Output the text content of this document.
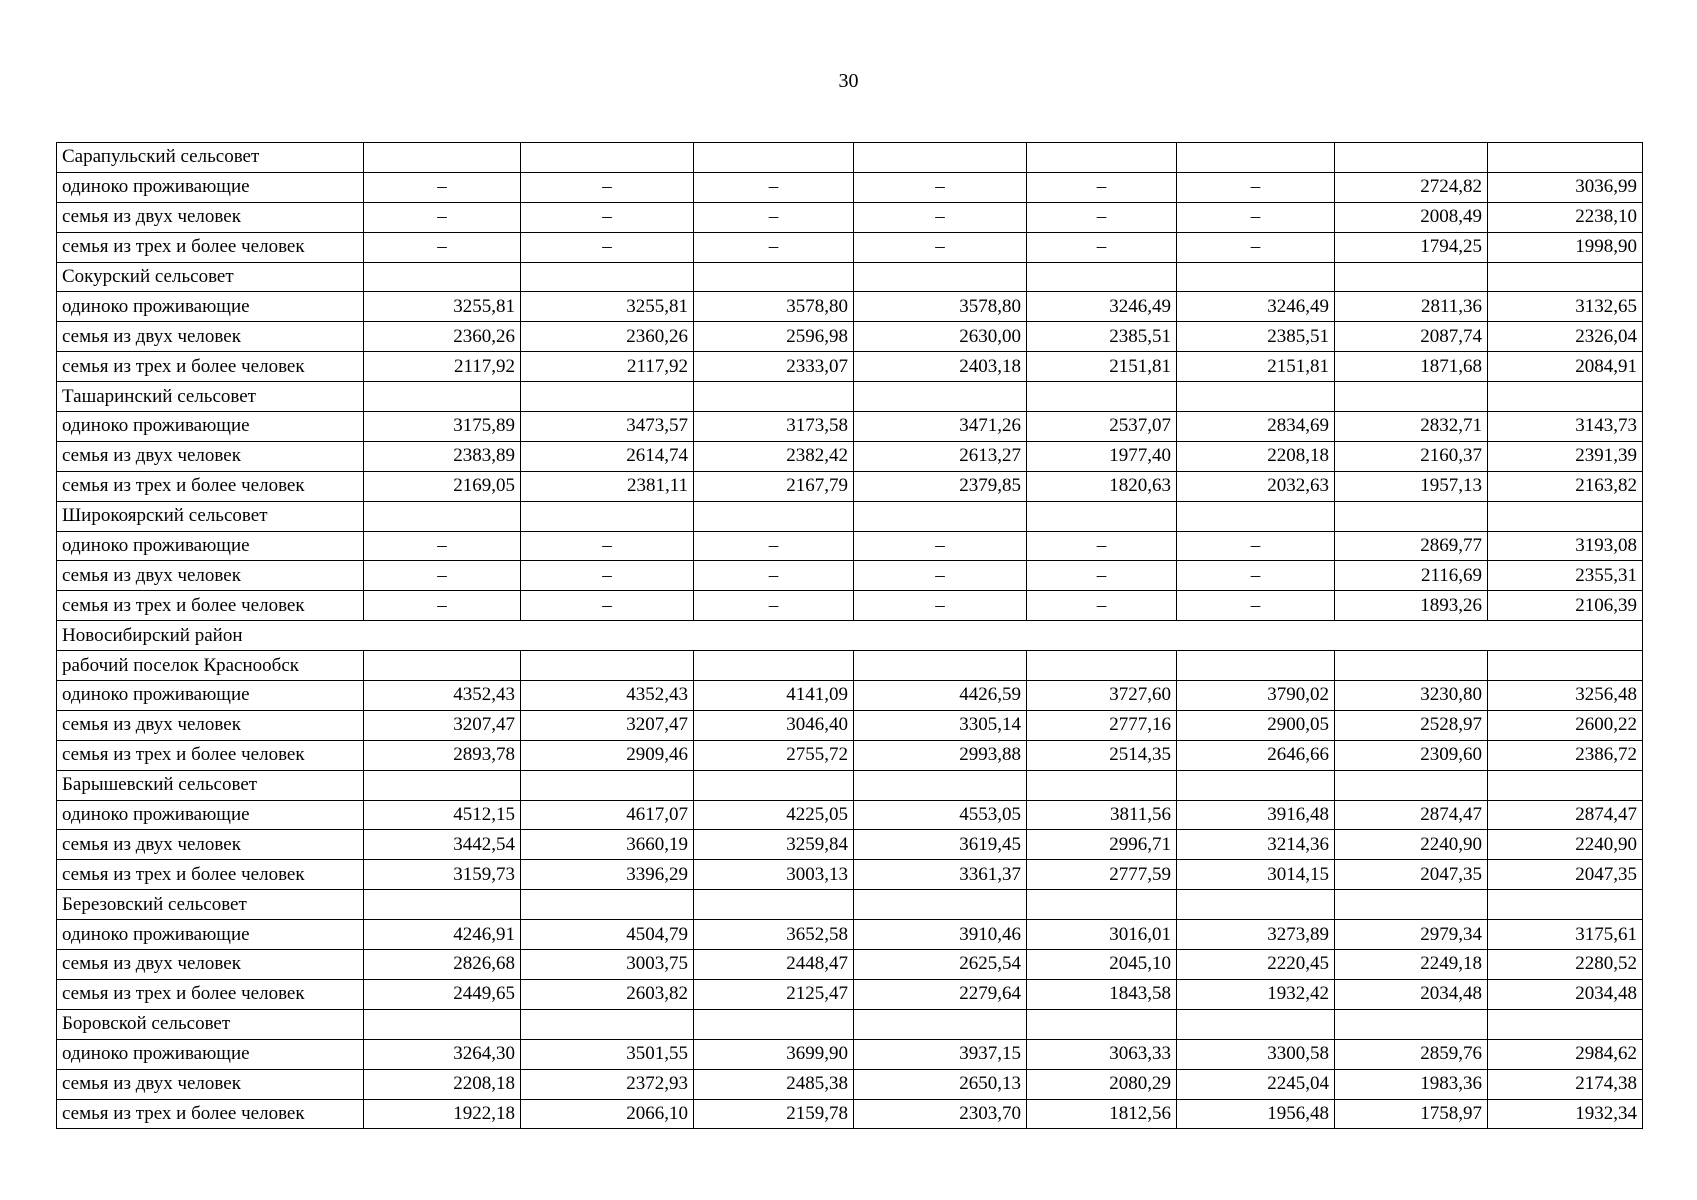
30
Сарапульский сельсовет								
одиноко проживающие	–	–	–	–	–	–	2724,82	3036,99
семья из двух человек	–	–	–	–	–	–	2008,49	2238,10
семья из трех и более человек	–	–	–	–	–	–	1794,25	1998,90
Сокурский сельсовет								
одиноко проживающие	3255,81	3255,81	3578,80	3578,80	3246,49	3246,49	2811,36	3132,65
семья из двух человек	2360,26	2360,26	2596,98	2630,00	2385,51	2385,51	2087,74	2326,04
семья из трех и более человек	2117,92	2117,92	2333,07	2403,18	2151,81	2151,81	1871,68	2084,91
Ташаринский сельсовет								
одиноко проживающие	3175,89	3473,57	3173,58	3471,26	2537,07	2834,69	2832,71	3143,73
семья из двух человек	2383,89	2614,74	2382,42	2613,27	1977,40	2208,18	2160,37	2391,39
семья из трех и более человек	2169,05	2381,11	2167,79	2379,85	1820,63	2032,63	1957,13	2163,82
Широкоярский сельсовет								
одиноко проживающие	–	–	–	–	–	–	2869,77	3193,08
семья из двух человек	–	–	–	–	–	–	2116,69	2355,31
семья из трех и более человек	–	–	–	–	–	–	1893,26	2106,39
Новосибирский район								
рабочий поселок Краснообск								
одиноко проживающие	4352,43	4352,43	4141,09	4426,59	3727,60	3790,02	3230,80	3256,48
семья из двух человек	3207,47	3207,47	3046,40	3305,14	2777,16	2900,05	2528,97	2600,22
семья из трех и более человек	2893,78	2909,46	2755,72	2993,88	2514,35	2646,66	2309,60	2386,72
Барышевский сельсовет								
одиноко проживающие	4512,15	4617,07	4225,05	4553,05	3811,56	3916,48	2874,47	2874,47
семья из двух человек	3442,54	3660,19	3259,84	3619,45	2996,71	3214,36	2240,90	2240,90
семья из трех и более человек	3159,73	3396,29	3003,13	3361,37	2777,59	3014,15	2047,35	2047,35
Березовский сельсовет								
одиноко проживающие	4246,91	4504,79	3652,58	3910,46	3016,01	3273,89	2979,34	3175,61
семья из двух человек	2826,68	3003,75	2448,47	2625,54	2045,10	2220,45	2249,18	2280,52
семья из трех и более человек	2449,65	2603,82	2125,47	2279,64	1843,58	1932,42	2034,48	2034,48
Боровской сельсовет								
одиноко проживающие	3264,30	3501,55	3699,90	3937,15	3063,33	3300,58	2859,76	2984,62
семья из двух человек	2208,18	2372,93	2485,38	2650,13	2080,29	2245,04	1983,36	2174,38
семья из трех и более человек	1922,18	2066,10	2159,78	2303,70	1812,56	1956,48	1758,97	1932,34
